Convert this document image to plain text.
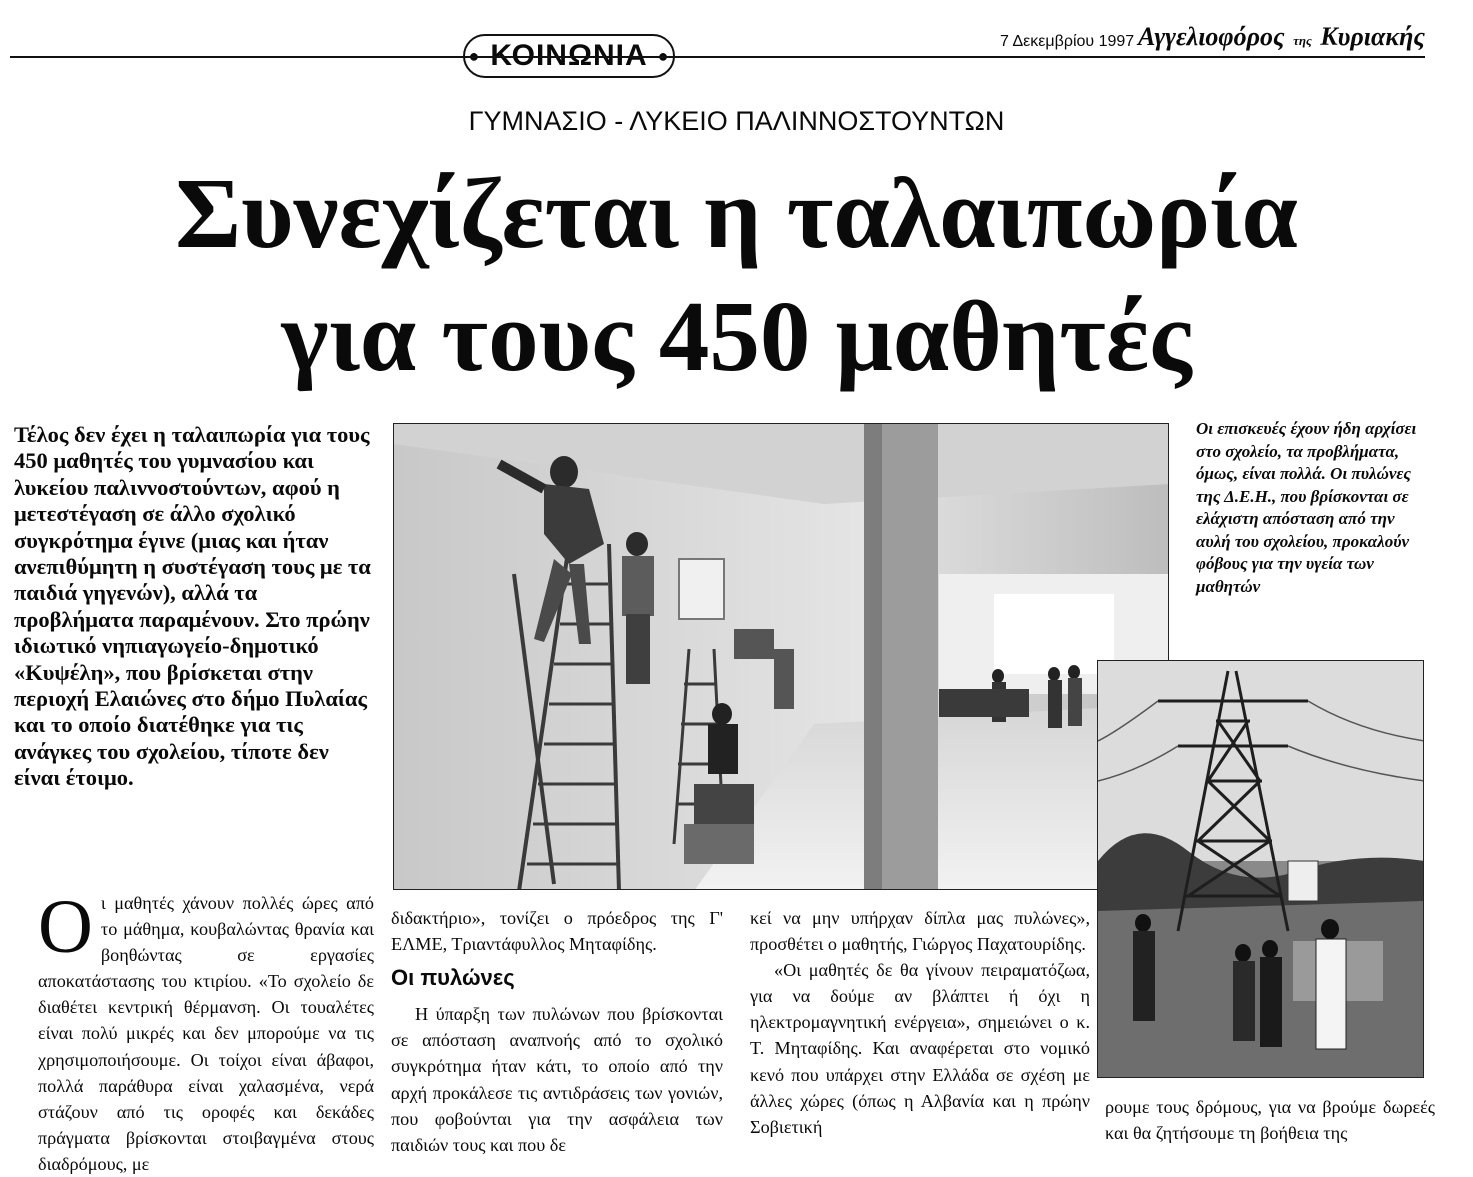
● ΚΟΙΝΩΝΙΑ ●
7 Δεκεμβρίου 1997 Αγγελιοφόρος της Κυριακής
ΓΥΜΝΑΣΙΟ - ΛΥΚΕΙΟ ΠΑΛΙΝΝΟΣΤΟΥΝΤΩΝ
Συνεχίζεται η ταλαιπωρία
για τους 450 μαθητές
Τέλος δεν έχει η ταλαιπωρία για τους 450 μαθητές του γυμνασίου και λυκείου παλιννοστούντων, αφού η μετεστέγαση σε άλλο σχολικό συγκρότημα έγινε (μιας και ήταν ανεπιθύμητη η συστέγαση τους με τα παιδιά γηγενών), αλλά τα προβλήματα παραμένουν. Στο πρώην ιδιωτικό νηπιαγωγείο-δημοτικό «Κυψέλη», που βρίσκεται στην περιοχή Ελαιώνες στο δήμο Πυλαίας και το οποίο διατέθηκε για τις ανάγκες του σχολείου, τίποτε δεν είναι έτοιμο.
Οι επισκευές έχουν ήδη αρχίσει στο σχολείο, τα προβλήματα, όμως, είναι πολλά. Οι πυλώνες της Δ.Ε.Η., που βρίσκονται σε ελάχιστη απόσταση από την αυλή του σχολείου, προκαλούν φόβους για την υγεία των μαθητών
Ο ι μαθητές χάνουν πολλές ώρες από το μάθημα, κουβαλώντας θρανία και βοηθώντας σε εργασίες αποκατάστασης του κτιρίου. «Το σχολείο δε διαθέτει κεντρική θέρμανση. Οι τουαλέτες είναι πολύ μικρές και δεν μπορούμε να τις χρησιμοποιήσουμε. Οι τοίχοι είναι άβαφοι, πολλά παράθυρα είναι χαλασμένα, νερά στάζουν από τις οροφές και δεκάδες πράγματα βρίσκονται στοιβαγμένα στους διαδρόμους, με
διδακτήριο», τονίζει ο πρόεδρος της Γ' ΕΛΜΕ, Τριαντάφυλλος Μηταφίδης.
Οι πυλώνες
Η ύπαρξη των πυλώνων που βρίσκονται σε απόσταση αναπνοής από το σχολικό συγκρότημα ήταν κάτι, το οποίο από την αρχή προκάλεσε τις αντιδράσεις των γονιών, που φοβούνται για την ασφάλεια των παιδιών τους και που δε
κεί να μην υπήρχαν δίπλα μας πυλώνες», προσθέτει ο μαθητής, Γιώργος Παχατουρίδης.
«Οι μαθητές δε θα γίνουν πειραματόζωα, για να δούμε αν βλάπτει ή όχι η ηλεκτρομαγνητική ενέργεια», σημειώνει ο κ. Τ. Μηταφίδης. Και αναφέρεται στο νομικό κενό που υπάρχει στην Ελλάδα σε σχέση με άλλες χώρες (όπως η Αλβανία και η πρώην Σοβιετική
ρουμε τους δρόμους, για να βρούμε δωρεές και θα ζητήσουμε τη βοήθεια της
